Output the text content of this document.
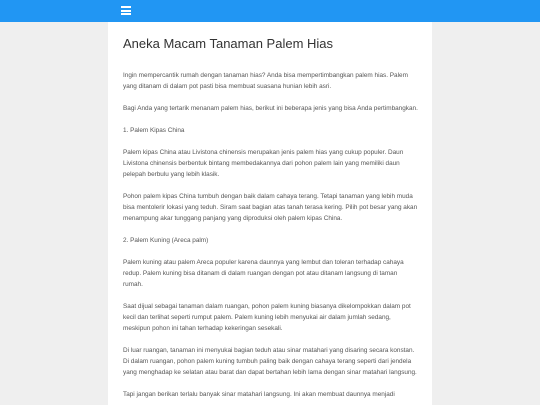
Aneka Macam Tanaman Palem Hias

Ingin mempercantik rumah dengan tanaman hias? Anda bisa mempertimbangkan palem hias. Palem yang ditanam di dalam pot pasti bisa membuat suasana hunian lebih asri.

Bagi Anda yang tertarik menanam palem hias, berikut ini beberapa jenis yang bisa Anda pertimbangkan.

1. Palem Kipas China

Palem kipas China atau Livistona chinensis merupakan jenis palem hias yang cukup populer. Daun Livistona chinensis berbentuk bintang membedakannya dari pohon palem lain yang memiliki daun pelepah berbulu yang lebih klasik.

Pohon palem kipas China tumbuh dengan baik dalam cahaya terang. Tetapi tanaman yang lebih muda bisa mentolerir lokasi yang teduh. Siram saat bagian atas tanah terasa kering. Pilih pot besar yang akan menampung akar tunggang panjang yang diproduksi oleh palem kipas China.

2. Palem Kuning (Areca palm)

Palem kuning atau palem Areca populer karena daunnya yang lembut dan toleran terhadap cahaya redup. Palem kuning bisa ditanam di dalam ruangan dengan pot atau ditanam langsung di taman rumah.

Saat dijual sebagai tanaman dalam ruangan, pohon palem kuning biasanya dikelompokkan dalam pot kecil dan terlihat seperti rumput palem. Palem kuning lebih menyukai air dalam jumlah sedang, meskipun pohon ini tahan terhadap kekeringan sesekali.

Di luar ruangan, tanaman ini menyukai bagian teduh atau sinar matahari yang disaring secara konstan. Di dalam ruangan, pohon palem kuning tumbuh paling baik dengan cahaya terang seperti dari jendela yang menghadap ke selatan atau barat dan dapat bertahan lebih lama dengan sinar matahari langsung.

Tapi jangan berikan terlalu banyak sinar matahari langsung. Ini akan membuat daunnya menjadi
